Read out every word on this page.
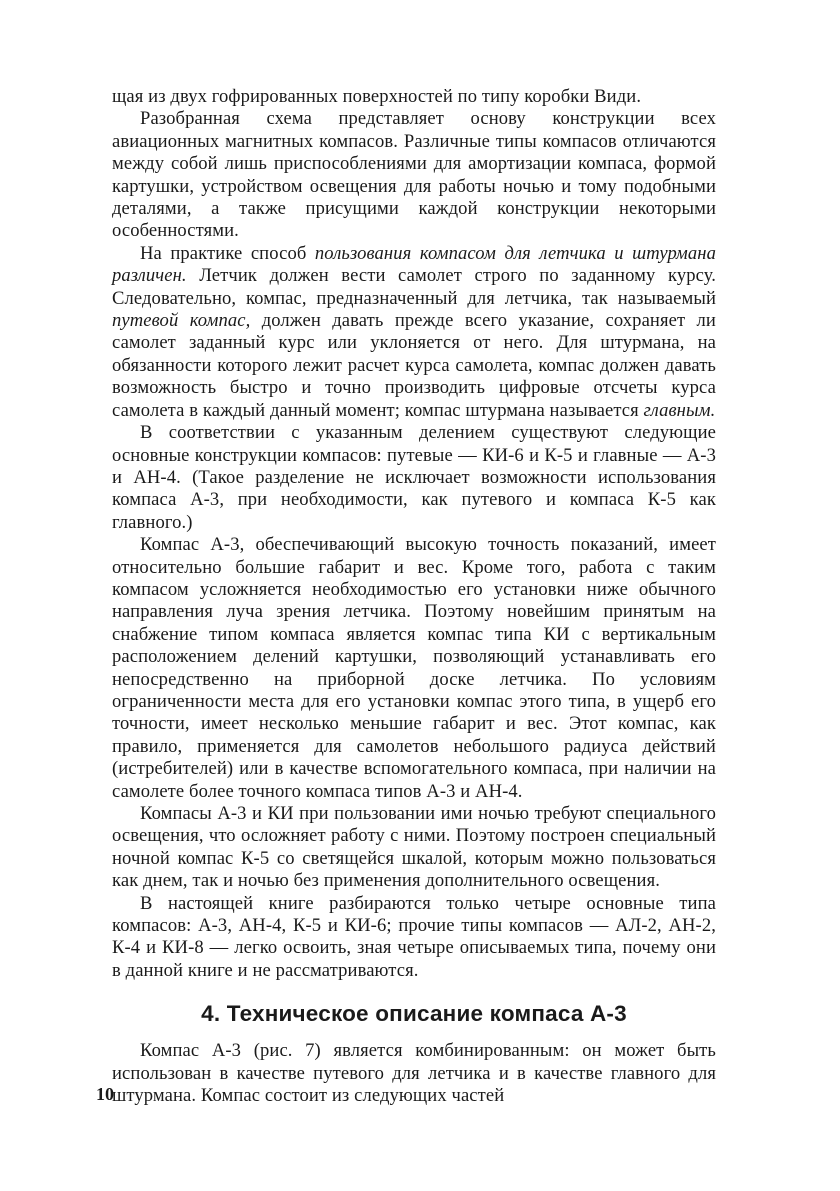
щая из двух гофрированных поверхностей по типу коробки Види.

Разобранная схема представляет основу конструкции всех авиационных магнитных компасов. Различные типы компасов отличаются между собой лишь приспособлениями для амортизации компаса, формой картушки, устройством освещения для работы ночью и тому подобными деталями, а также присущими каждой конструкции некоторыми особенностями.

На практике способ пользования компасом для летчика и штурмана различен. Летчик должен вести самолет строго по заданному курсу. Следовательно, компас, предназначенный для летчика, так называемый путевой компас, должен давать прежде всего указание, сохраняет ли самолет заданный курс или уклоняется от него. Для штурмана, на обязанности которого лежит расчет курса самолета, компас должен давать возможность быстро и точно производить цифровые отсчеты курса самолета в каждый данный момент; компас штурмана называется главным.

В соответствии с указанным делением существуют следующие основные конструкции компасов: путевые — КИ-6 и К-5 и главные — А-3 и АН-4. (Такое разделение не исключает возможности использования компаса А-3, при необходимости, как путевого и компаса К-5 как главного.)

Компас А-3, обеспечивающий высокую точность показаний, имеет относительно большие габарит и вес. Кроме того, работа с таким компасом усложняется необходимостью его установки ниже обычного направления луча зрения летчика. Поэтому новейшим принятым на снабжение типом компаса является компас типа КИ с вертикальным расположением делений картушки, позволяющий устанавливать его непосредственно на приборной доске летчика. По условиям ограниченности места для его установки компас этого типа, в ущерб его точности, имеет несколько меньшие габарит и вес. Этот компас, как правило, применяется для самолетов небольшого радиуса действий (истребителей) или в качестве вспомогательного компаса, при наличии на самолете более точного компаса типов А-3 и АН-4.

Компасы А-3 и КИ при пользовании ими ночью требуют специального освещения, что осложняет работу с ними. Поэтому построен специальный ночной компас К-5 со светящейся шкалой, которым можно пользоваться как днем, так и ночью без применения дополнительного освещения.

В настоящей книге разбираются только четыре основные типа компасов: А-3, АН-4, К-5 и КИ-6; прочие типы компасов — АЛ-2, АН-2, К-4 и КИ-8 — легко освоить, зная четыре описываемых типа, почему они в данной книге и не рассматриваются.

4. Техническое описание компаса А-3

Компас А-3 (рис. 7) является комбинированным: он может быть использован в качестве путевого для летчика и в качестве главного для штурмана. Компас состоит из следующих частей

10
